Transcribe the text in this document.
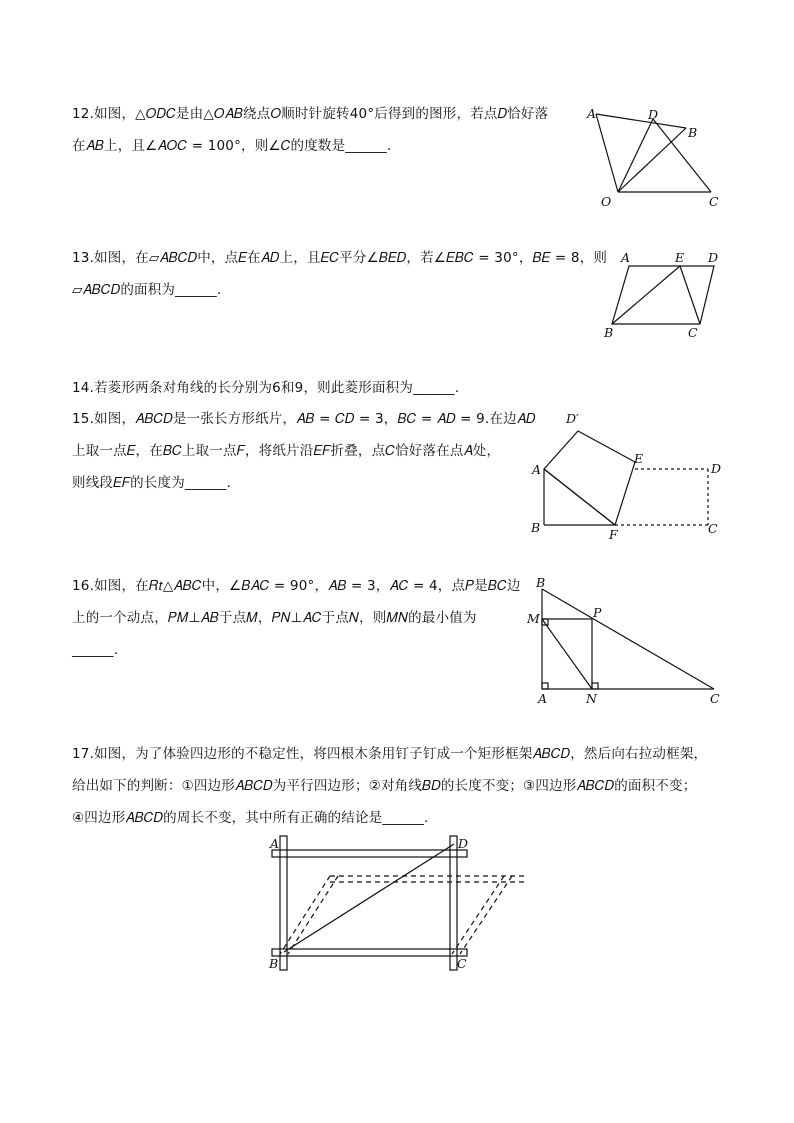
12.如图，△𝑂𝐷𝐶是由△𝑂𝐴𝐵绕点𝑂顺时针旋转40°后得到的图形，若点𝐷恰好落

在𝐴𝐵上，且∠𝐴𝑂𝐶 = 100°，则∠𝐶的度数是______.

A	D
B
O	C

13.如图，在▱𝐴𝐵𝐶𝐷中，点𝐸在𝐴𝐷上，且𝐸𝐶平分∠𝐵𝐸𝐷，若∠𝐸𝐵𝐶 = 30°，𝐵𝐸 = 8，则

▱𝐴𝐵𝐶𝐷的面积为______.

A	E D
B	C

14.若菱形两条对角线的长分别为6和9，则此菱形面积为______.

15.如图，𝐴𝐵𝐶𝐷是一张长方形纸片，𝐴𝐵 = 𝐶𝐷 = 3，𝐵𝐶 = 𝐴𝐷 = 9.在边𝐴𝐷

上取一点𝐸，在𝐵𝐶上取一点𝐹，将纸片沿𝐸𝐹折叠，点𝐶恰好落在点𝐴处，

则线段𝐸𝐹的长度为______.

D′
A
E
D
B	F	C

16.如图，在𝑅𝑡△𝐴𝐵𝐶中，∠𝐵𝐴𝐶 = 90°，𝐴𝐵 = 3，𝐴𝐶 = 4，点𝑃是𝐵𝐶边

上的一个动点，𝑃𝑀⊥𝐴𝐵于点𝑀，𝑃𝑁⊥𝐴𝐶于点𝑁，则𝑀𝑁的最小值为

______.

B
M	P
A	N	C

17.如图，为了体验四边形的不稳定性，将四根木条用钉子钉成一个矩形框架𝐴𝐵𝐶𝐷，然后向右拉动框架，

给出如下的判断：①四边形𝐴𝐵𝐶𝐷为平行四边形；②对角线𝐵𝐷的长度不变；③四边形𝐴𝐵𝐶𝐷的面积不变；

④四边形𝐴𝐵𝐶𝐷的周长不变，其中所有正确的结论是______.

A	D
B	C
